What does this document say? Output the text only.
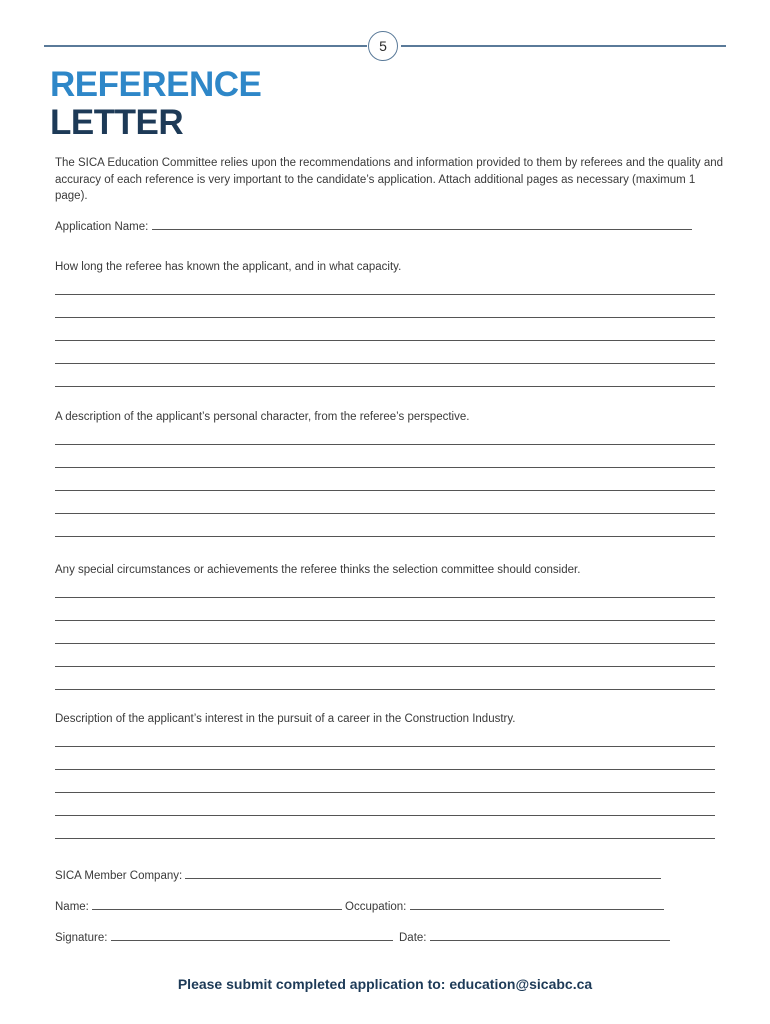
5
REFERENCE
LETTER
The SICA Education Committee relies upon the recommendations and information provided to them by referees and the quality and accuracy of each reference is very important to the candidate’s application. Attach additional pages as necessary (maximum 1 page).
Application Name:
How long the referee has known the applicant, and in what capacity.
A description of the applicant’s personal character, from the referee’s perspective.
Any special circumstances or achievements the referee thinks the selection committee should consider.
Description of the applicant’s interest in the pursuit of a career in the Construction Industry.
SICA Member Company:
Name:	Occupation:
Signature:	Date:
Please submit completed application to: education@sicabc.ca
